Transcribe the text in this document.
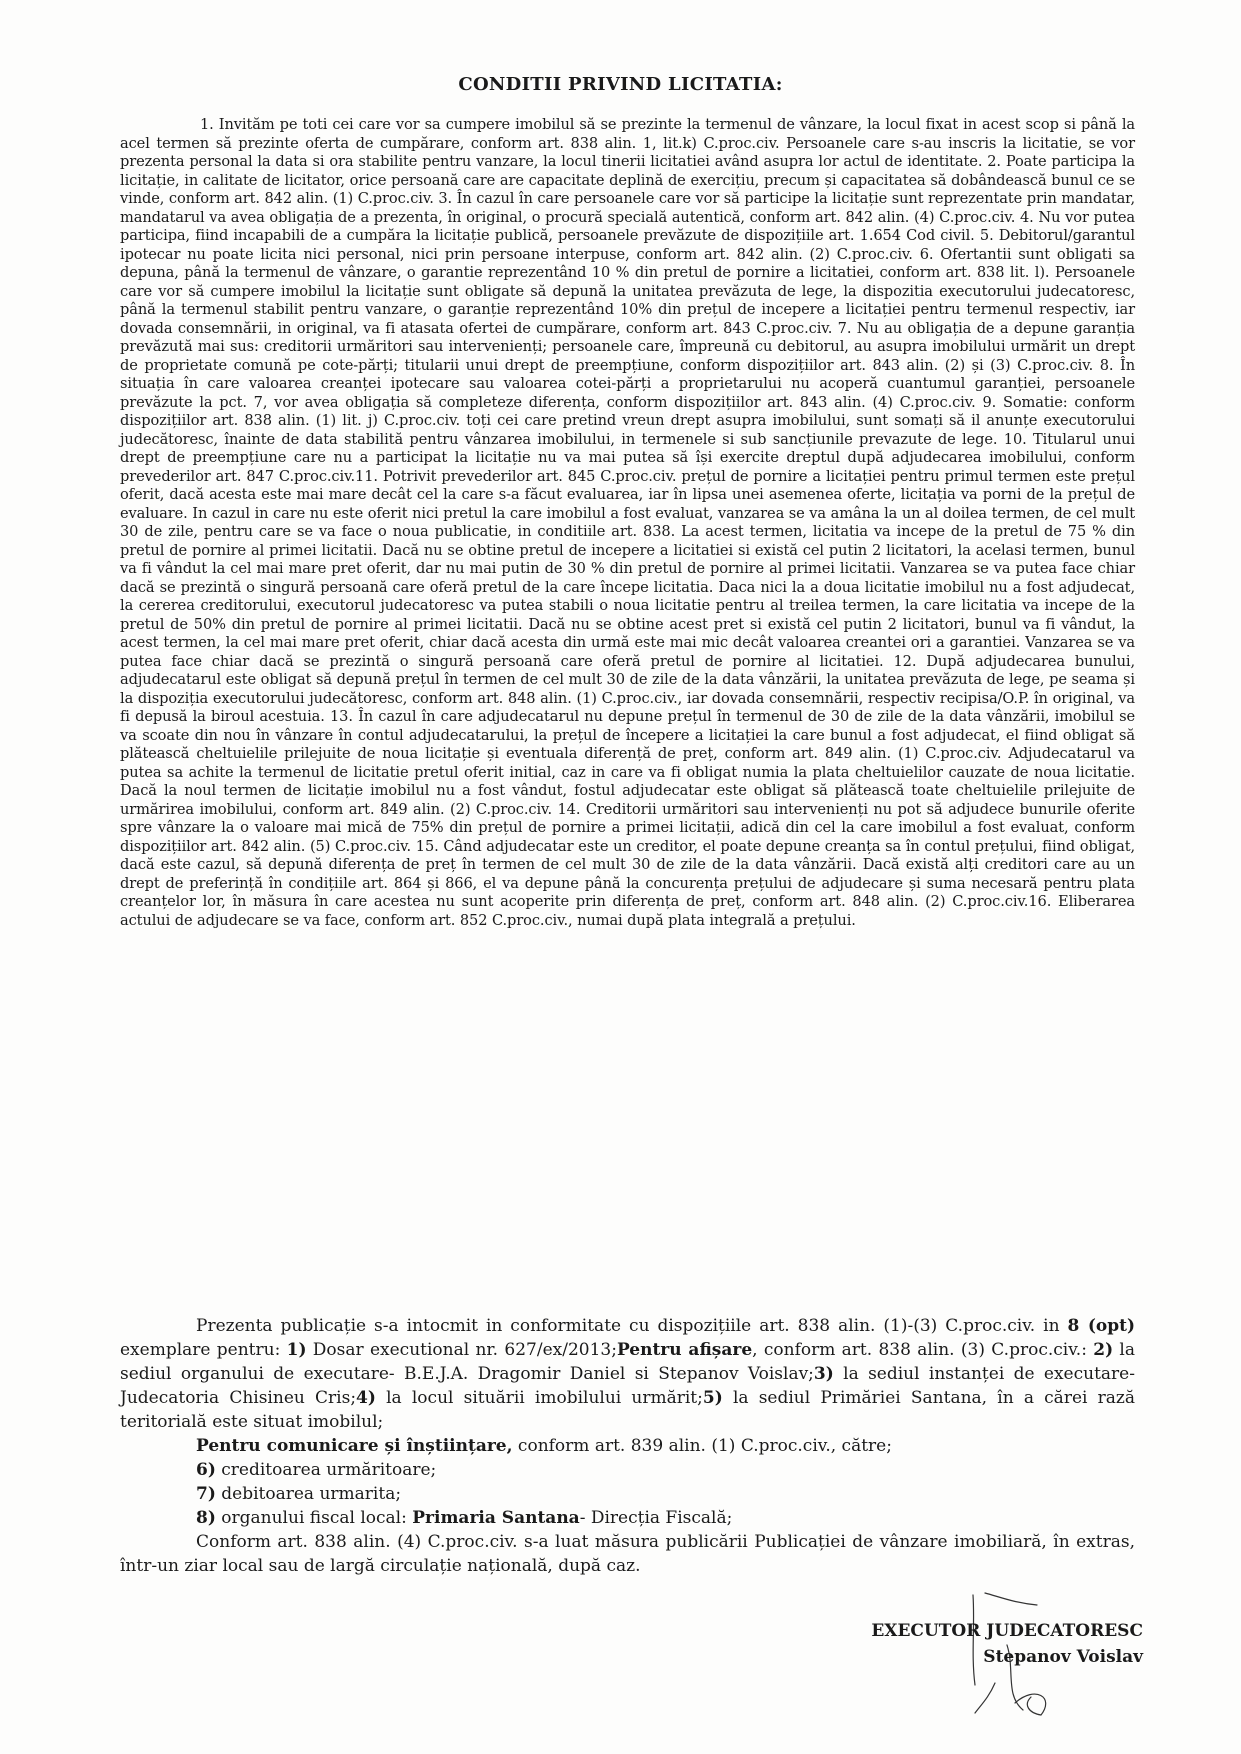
CONDITII PRIVIND LICITATIA:

1. Invităm pe toti cei care vor sa cumpere imobilul să se prezinte la termenul de vânzare, la locul fixat in acest scop si până la acel termen să prezinte oferta de cumpărare, conform art. 838 alin. 1, lit.k) C.proc.civ. Persoanele care s-au inscris la licitatie, se vor prezenta personal la data si ora stabilite pentru vanzare, la locul tinerii licitatiei având asupra lor actul de identitate. 2. Poate participa la licitație, in calitate de licitator, orice persoană care are capacitate deplină de exercițiu, precum și capacitatea să dobândească bunul ce se vinde, conform art. 842 alin. (1) C.proc.civ. 3. În cazul în care persoanele care vor să participe la licitație sunt reprezentate prin mandatar, mandatarul va avea obligația de a prezenta, în original, o procură specială autentică, conform art. 842 alin. (4) C.proc.civ. 4. Nu vor putea participa, fiind incapabili de a cumpăra la licitație publică, persoanele prevăzute de dispozițiile art. 1.654 Cod civil. 5. Debitorul/garantul ipotecar nu poate licita nici personal, nici prin persoane interpuse, conform art. 842 alin. (2) C.proc.civ. 6. Ofertantii sunt obligati sa depuna, până la termenul de vânzare, o garantie reprezentând 10 % din pretul de pornire a licitatiei, conform art. 838 lit. l). Persoanele care vor să cumpere imobilul la licitație sunt obligate să depună la unitatea prevăzuta de lege, la dispozitia executorului judecatoresc, până la termenul stabilit pentru vanzare, o garanție reprezentând 10% din prețul de incepere a licitației pentru termenul respectiv, iar dovada consemnării, in original, va fi atasata ofertei de cumpărare, conform art. 843 C.proc.civ. 7. Nu au obligația de a depune garanția prevăzută mai sus: creditorii urmăritori sau intervenienți; persoanele care, împreună cu debitorul, au asupra imobilului urmărit un drept de proprietate comună pe cote-părți; titularii unui drept de preempțiune, conform dispozițiilor art. 843 alin. (2) și (3) C.proc.civ. 8. În situația în care valoarea creanței ipotecare sau valoarea cotei-părți a proprietarului nu acoperă cuantumul garanției, persoanele prevăzute la pct. 7, vor avea obligația să completeze diferența, conform dispozițiilor art. 843 alin. (4) C.proc.civ. 9. Somatie: conform dispozițiilor art. 838 alin. (1) lit. j) C.proc.civ. toți cei care pretind vreun drept asupra imobilului, sunt somați să il anunțe executorului judecătoresc, înainte de data stabilită pentru vânzarea imobilului, in termenele si sub sancțiunile prevazute de lege. 10. Titularul unui drept de preempțiune care nu a participat la licitație nu va mai putea să își exercite dreptul după adjudecarea imobilului, conform prevederilor art. 847 C.proc.civ.11. Potrivit prevederilor art. 845 C.proc.civ. prețul de pornire a licitației pentru primul termen este prețul oferit, dacă acesta este mai mare decât cel la care s-a făcut evaluarea, iar în lipsa unei asemenea oferte, licitația va porni de la prețul de evaluare. In cazul in care nu este oferit nici pretul la care imobilul a fost evaluat, vanzarea se va amâna la un al doilea termen, de cel mult 30 de zile, pentru care se va face o noua publicatie, in conditiile art. 838. La acest termen, licitatia va incepe de la pretul de 75 % din pretul de pornire al primei licitatii. Dacă nu se obtine pretul de incepere a licitatiei si există cel putin 2 licitatori, la acelasi termen, bunul va fi vândut la cel mai mare pret oferit, dar nu mai putin de 30 % din pretul de pornire al primei licitatii. Vanzarea se va putea face chiar dacă se prezintă o singură persoană care oferă pretul de la care începe licitatia. Daca nici la a doua licitatie imobilul nu a fost adjudecat, la cererea creditorului, executorul judecatoresc va putea stabili o noua licitatie pentru al treilea termen, la care licitatia va incepe de la pretul de 50% din pretul de pornire al primei licitatii. Dacă nu se obtine acest pret si există cel putin 2 licitatori, bunul va fi vândut, la acest termen, la cel mai mare pret oferit, chiar dacă acesta din urmă este mai mic decât valoarea creantei ori a garantiei. Vanzarea se va putea face chiar dacă se prezintă o singură persoană care oferă pretul de pornire al licitatiei. 12. După adjudecarea bunului, adjudecatarul este obligat să depună prețul în termen de cel mult 30 de zile de la data vânzării, la unitatea prevăzuta de lege, pe seama și la dispoziția executorului judecătoresc, conform art. 848 alin. (1) C.proc.civ., iar dovada consemnării, respectiv recipisa/O.P. în original, va fi depusă la biroul acestuia. 13. În cazul în care adjudecatarul nu depune prețul în termenul de 30 de zile de la data vânzării, imobilul se va scoate din nou în vânzare în contul adjudecatarului, la prețul de începere a licitației la care bunul a fost adjudecat, el fiind obligat să plătească cheltuielile prilejuite de noua licitație și eventuala diferență de preț, conform art. 849 alin. (1) C.proc.civ. Adjudecatarul va putea sa achite la termenul de licitatie pretul oferit initial, caz in care va fi obligat numia la plata cheltuielilor cauzate de noua licitatie. Dacă la noul termen de licitație imobilul nu a fost vândut, fostul adjudecatar este obligat să plătească toate cheltuielile prilejuite de urmărirea imobilului, conform art. 849 alin. (2) C.proc.civ. 14. Creditorii urmăritori sau intervenienți nu pot să adjudece bunurile oferite spre vânzare la o valoare mai mică de 75% din prețul de pornire a primei licitații, adică din cel la care imobilul a fost evaluat, conform dispozițiilor art. 842 alin. (5) C.proc.civ. 15. Când adjudecatar este un creditor, el poate depune creanța sa în contul prețului, fiind obligat, dacă este cazul, să depună diferența de preț în termen de cel mult 30 de zile de la data vânzării. Dacă există alți creditori care au un drept de preferință în condițiile art. 864 și 866, el va depune până la concurența prețului de adjudecare și suma necesară pentru plata creanțelor lor, în măsura în care acestea nu sunt acoperite prin diferența de preț, conform art. 848 alin. (2) C.proc.civ.16. Eliberarea actului de adjudecare se va face, conform art. 852 C.proc.civ., numai după plata integrală a prețului.

Prezenta publicație s-a intocmit in conformitate cu dispozițiile art. 838 alin. (1)-(3) C.proc.civ. in 8 (opt) exemplare pentru: 1) Dosar executional nr. 627/ex/2013;Pentru afișare, conform art. 838 alin. (3) C.proc.civ.: 2) la sediul organului de executare- B.E.J.A. Dragomir Daniel si Stepanov Voislav;3) la sediul instanței de executare- Judecatoria Chisineu Cris;4) la locul situării imobilului urmărit;5) la sediul Primăriei Santana, în a cărei rază teritorială este situat imobilul;

Pentru comunicare și înștiințare, conform art. 839 alin. (1) C.proc.civ., către;

6) creditoarea urmăritoare;

7) debitoarea urmarita;

8) organului fiscal local: Primaria Santana- Direcția Fiscală;

Conform art. 838 alin. (4) C.proc.civ. s-a luat măsura publicării Publicației de vânzare imobiliară, în extras, într-un ziar local sau de largă circulație națională, după caz.

EXECUTOR JUDECATORESC
Stepanov Voislav
